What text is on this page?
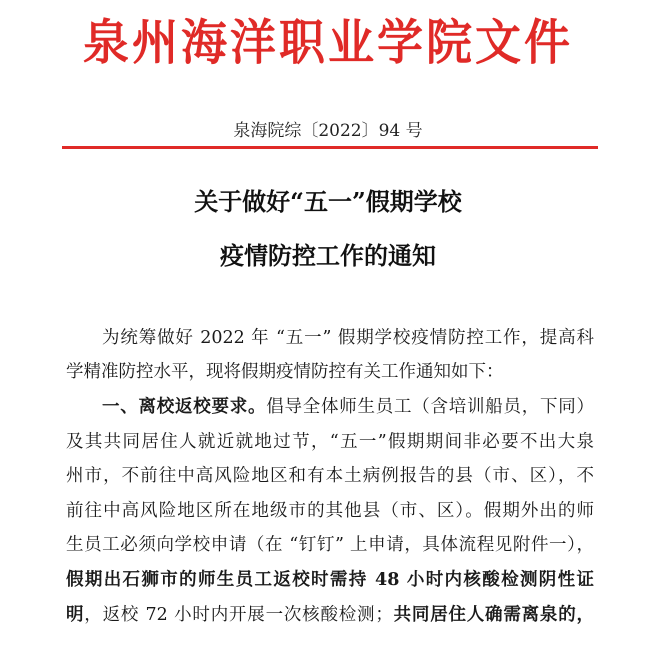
泉州海洋职业学院文件
泉海院综〔2022〕94 号
关于做好“五一”假期学校
疫情防控工作的通知
为统筹做好 2022 年 “五一” 假期学校疫情防控工作，提高科
学精准防控水平，现将假期疫情防控有关工作通知如下：
一、离校返校要求。倡导全体师生员工（含培训船员，下同）
及其共同居住人就近就地过节，“五一”假期期间非必要不出大泉
州市，不前往中高风险地区和有本土病例报告的县（市、区），不
前往中高风险地区所在地级市的其他县（市、区）。假期外出的师
生员工必须向学校申请（在 “钉钉” 上申请，具体流程见附件一），
假期出石狮市的师生员工返校时需持 48 小时内核酸检测阴性证
明，返校 72 小时内开展一次核酸检测；共同居住人确需离泉的，
